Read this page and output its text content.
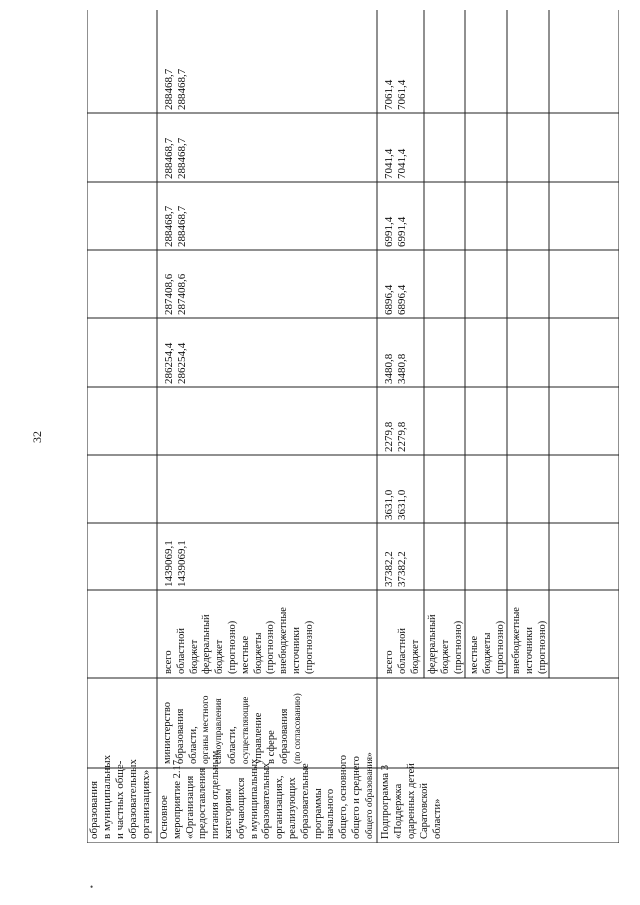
32
•
образования в муниципальных и частных обще- образовательных организациях» Основное мероприятие 2.17 «Организация предоставления питания отдельным категориям обучающихся в муниципальных образовательных организациях, реализующих образовательные программы начального общего, основного общего и среднего общего образования»
министерство образования области, органы местного самоуправления области, осуществляющие управление в сфере образования (по согласованию)
всего областной бюджет федеральный бюджет (прогнозно) местные бюджеты (прогнозно) внебюджетные источники (прогнозно)
1439069,1
286254,4
287408,6
288468,7
288468,7
288468,7
1439069,1
286254,4
287408,6
288468,7
288468,7
288468,7
Подпрограмма 3 «Поддержка одаренных детей Саратовской области»
всего областной бюджет федеральный бюджет (прогнозно) местные бюджеты (прогнозно) внебюджетные источники (прогнозно)
37382,2
3631,0
2279,8
3480,8
6896,4
6991,4
7041,4
7061,4
37382,2
3631,0
2279,8
3480,8
6896,4
6991,4
7041,4
7061,4
